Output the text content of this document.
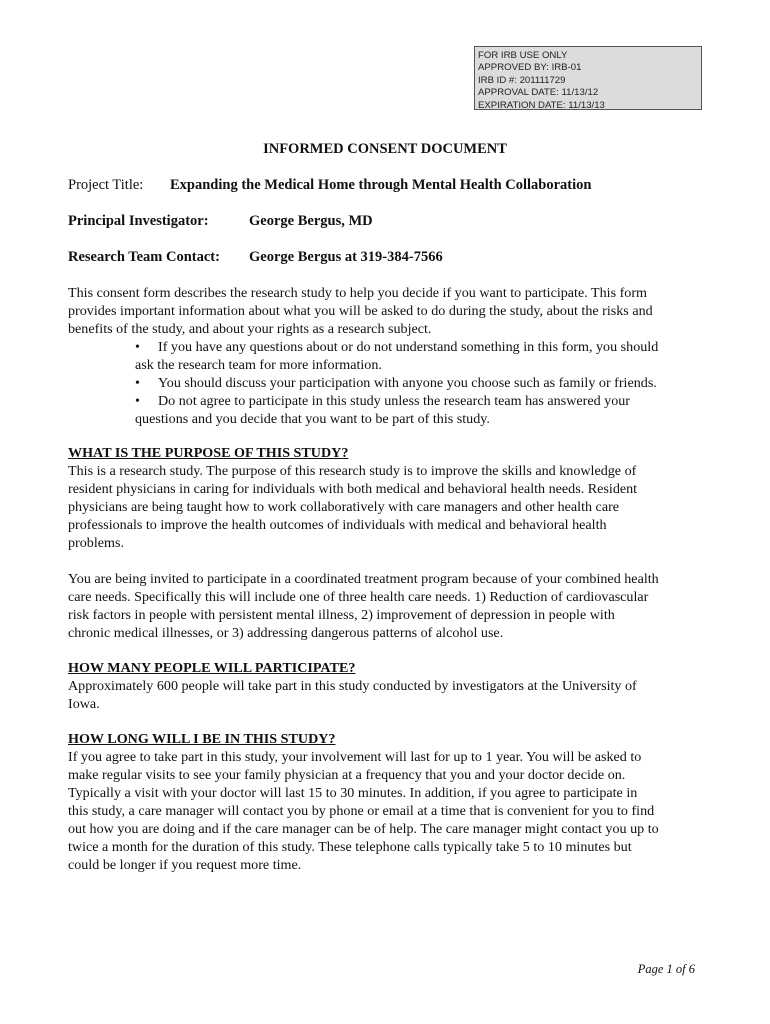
FOR IRB USE ONLY
APPROVED BY: IRB-01
IRB ID #: 201111729
APPROVAL DATE: 11/13/12
EXPIRATION DATE: 11/13/13
INFORMED CONSENT DOCUMENT
Project Title: Expanding the Medical Home through Mental Health Collaboration
Principal Investigator:	George Bergus, MD
Research Team Contact: George Bergus at 319-384-7566
This consent form describes the research study to help you decide if you want to participate. This form
provides important information about what you will be asked to do during the study, about the risks and
benefits of the study, and about your rights as a research subject.
• If you have any questions about or do not understand something in this form, you should
ask the research team for more information.
• You should discuss your participation with anyone you choose such as family or friends.
• Do not agree to participate in this study unless the research team has answered your
questions and you decide that you want to be part of this study.
WHAT IS THE PURPOSE OF THIS STUDY?
This is a research study. The purpose of this research study is to improve the skills and knowledge of
resident physicians in caring for individuals with both medical and behavioral health needs. Resident
physicians are being taught how to work collaboratively with care managers and other health care
professionals to improve the health outcomes of individuals with medical and behavioral health
problems.
You are being invited to participate in a coordinated treatment program because of your combined health
care needs. Specifically this will include one of three health care needs. 1) Reduction of cardiovascular
risk factors in people with persistent mental illness, 2) improvement of depression in people with
chronic medical illnesses, or 3) addressing dangerous patterns of alcohol use.
HOW MANY PEOPLE WILL PARTICIPATE?
Approximately 600 people will take part in this study conducted by investigators at the University of
Iowa.
HOW LONG WILL I BE IN THIS STUDY?
If you agree to take part in this study, your involvement will last for up to 1 year. You will be asked to
make regular visits to see your family physician at a frequency that you and your doctor decide on.
Typically a visit with your doctor will last 15 to 30 minutes. In addition, if you agree to participate in
this study, a care manager will contact you by phone or email at a time that is convenient for you to find
out how you are doing and if the care manager can be of help. The care manager might contact you up to
twice a month for the duration of this study. These telephone calls typically take 5 to 10 minutes but
could be longer if you request more time.
Page 1 of 6
